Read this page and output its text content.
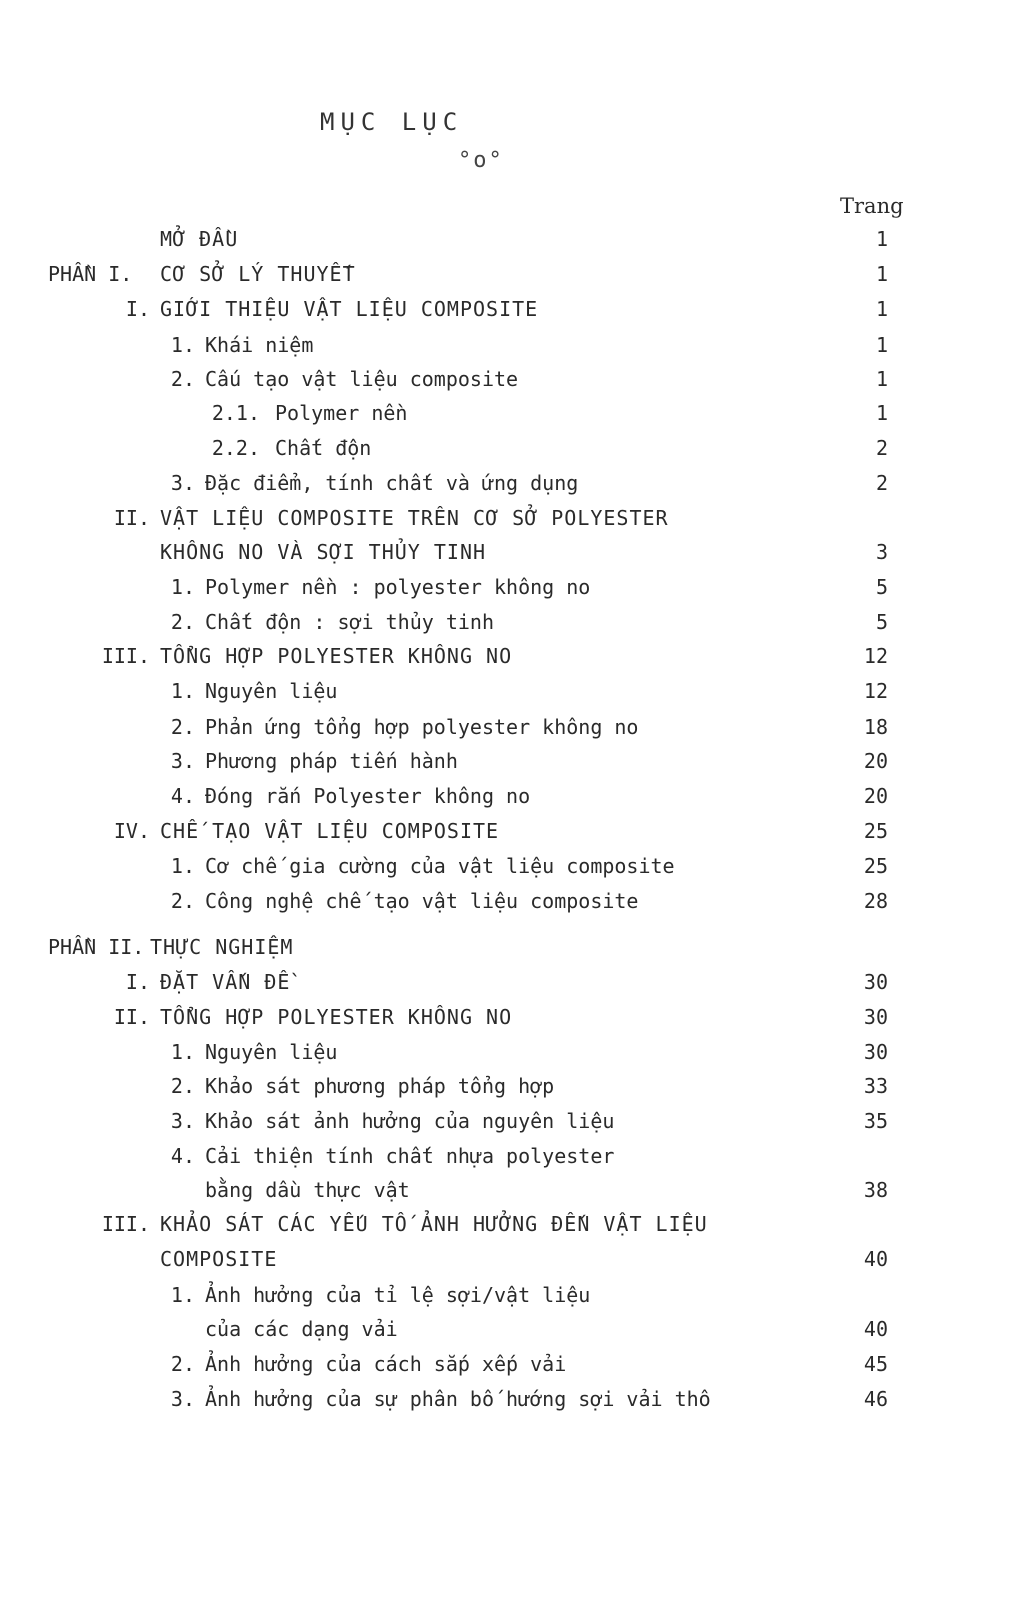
MỤC LỤC
°o°
Trang
MỞ ĐẦU	1
PHẦN I. CƠ SỞ LÝ THUYẾT	1
I. GIỚI THIỆU VẬT LIỆU COMPOSITE	1
1. Khái niệm	1
2. Cấu tạo vật liệu composite	1
2.1. Polymer nền	1
2.2. Chất độn	2
3. Đặc điểm, tính chất và ứng dụng	2
II. VẬT LIỆU COMPOSITE TRÊN CƠ SỞ POLYESTER
KHÔNG NO VÀ SỢI THỦY TINH	3
1. Polymer nền : polyester không no	5
2. Chất độn : sợi thủy tinh	5
III. TỔNG HỢP POLYESTER KHÔNG NO	12
1. Nguyên liệu	12
2. Phản ứng tổng hợp polyester không no	18
3. Phương pháp tiến hành	20
4. Đóng rắn Polyester không no	20
IV. CHẾ TẠO VẬT LIỆU COMPOSITE	25
1. Cơ chế gia cường của vật liệu composite	25
2. Công nghệ chế tạo vật liệu composite	28
PHẦN II. THỰC NGHIỆM
I. ĐẶT VẤN ĐỀ	30
II. TỔNG HỢP POLYESTER KHÔNG NO	30
1. Nguyên liệu	30
2. Khảo sát phương pháp tổng hợp	33
3. Khảo sát ảnh hưởng của nguyên liệu	35
4. Cải thiện tính chất nhựa polyester
bằng dầu thực vật	38
III. KHẢO SÁT CÁC YẾU TỐ ẢNH HƯỞNG ĐẾN VẬT LIỆU
COMPOSITE	40
1. Ảnh hưởng của tỉ lệ sợi/vật liệu
của các dạng vải	40
2. Ảnh hưởng của cách sắp xếp vải	45
3. Ảnh hưởng của sự phân bố hướng sợi vải thô	46
